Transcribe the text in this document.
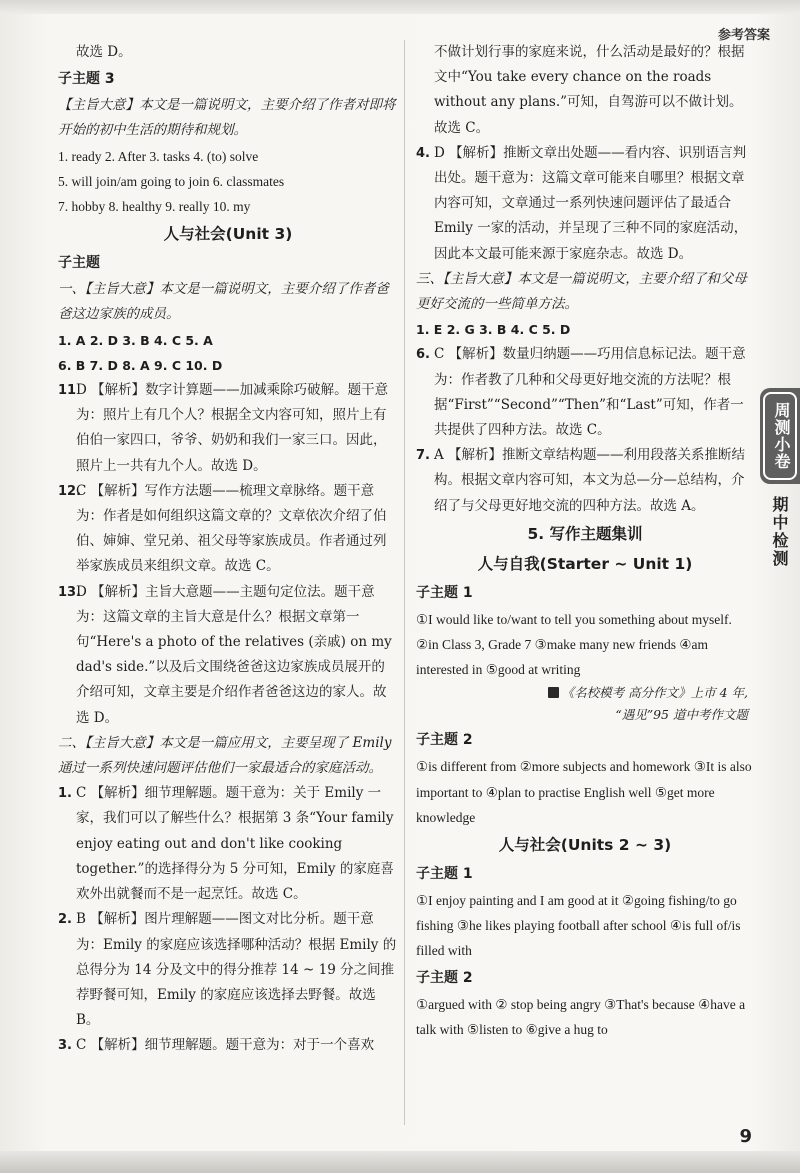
参考答案

故选 D。

子主题 3

【主旨大意】本文是一篇说明文，主要介绍了作者对即将开始的初中生活的期待和规划。

1. ready 2. After 3. tasks 4. (to) solve

5. will join/am going to join 6. classmates

7. hobby 8. healthy 9. really 10. my

人与社会(Unit 3)

子主题

一、【主旨大意】本文是一篇说明文，主要介绍了作者爸爸这边家族的成员。

1. A 2. D 3. B 4. C 5. A

6. B 7. D 8. A 9. C 10. D

11 D 【解析】数字计算题——加减乘除巧破解。题干意为：照片上有几个人？根据全文内容可知，照片上有伯伯一家四口，爷爷、奶奶和我们一家三口。因此，照片上一共有九个人。故选 D。
12.
C 【解析】写作方法题——梳理文章脉络。题干意为：作者是如何组织这篇文章的？文章依次介绍了伯伯、婶婶、堂兄弟、祖父母等家族成员。作者通过列举家族成员来组织文章。故选 C。
13.
D 【解析】主旨大意题——主题句定位法。题干意为：这篇文章的主旨大意是什么？根据文章第一句“Here's a photo of the relatives (亲戚) on my dad's side.”以及后文围绕爸爸这边家族成员展开的介绍可知，文章主要是介绍作者爸爸这边的家人。故选 D。

二、【主旨大意】本文是一篇应用文，主要呈现了 Emily 通过一系列快速问题评估他们一家最适合的家庭活动。

1. C 【解析】细节理解题。题干意为：关于 Emily 一家，我们可以了解些什么？根据第 3 条“Your family enjoy eating out and don't like cooking together.”的选择得分为 5 分可知，Emily 的家庭喜欢外出就餐而不是一起烹饪。故选 C。
2. B 【解析】图片理解题——图文对比分析。题干意为：Emily 的家庭应该选择哪种活动？根据 Emily 的总得分为 14 分及文中的得分推荐 14 ~ 19 分之间推荐野餐可知，Emily 的家庭应该选择去野餐。故选 B。
3. C 【解析】细节理解题。题干意为：对于一个喜欢

不做计划行事的家庭来说，什么活动是最好的？根据文中“You take every chance on the roads without any plans.”可知，自驾游可以不做计划。故选 C。

4. D 【解析】推断文章出处题——看内容、识别语言判出处。题干意为：这篇文章可能来自哪里？根据文章内容可知，文章通过一系列快速问题评估了最适合 Emily 一家的活动，并呈现了三种不同的家庭活动，因此本文最可能来源于家庭杂志。故选 D。

三、【主旨大意】本文是一篇说明文，主要介绍了和父母更好交流的一些简单方法。

1. E 2. G 3. B 4. C 5. D

6. C 【解析】数量归纳题——巧用信息标记法。题干意为：作者教了几种和父母更好地交流的方法呢？根据“First”“Second”“Then”和“Last”可知，作者一共提供了四种方法。故选 C。
7. A 【解析】推断文章结构题——利用段落关系推断结构。根据文章内容可知，本文为总—分—总结构，介绍了与父母更好地交流的四种方法。故选 A。

5. 写作主题集训

人与自我(Starter ~ Unit 1)

子主题 1

①I would like to/want to tell you something about myself. ②in Class 3, Grade 7 ③make many new friends ④am interested in ⑤good at writing

《名校模考 高分作文》上市 4 年,

“遇见”95 道中考作文题

子主题 2

①is different from ②more subjects and homework ③It is also important to ④plan to practise English well ⑤get more knowledge

人与社会(Units 2 ~ 3)

子主题 1

①I enjoy painting and I am good at it ②going fishing/to go fishing ③he likes playing football after school ④is full of/is filled with

子主题 2

①argued with ② stop being angry ③That's because ④have a talk with ⑤listen to ⑥give a hug to

周测小卷
期中检测
9
